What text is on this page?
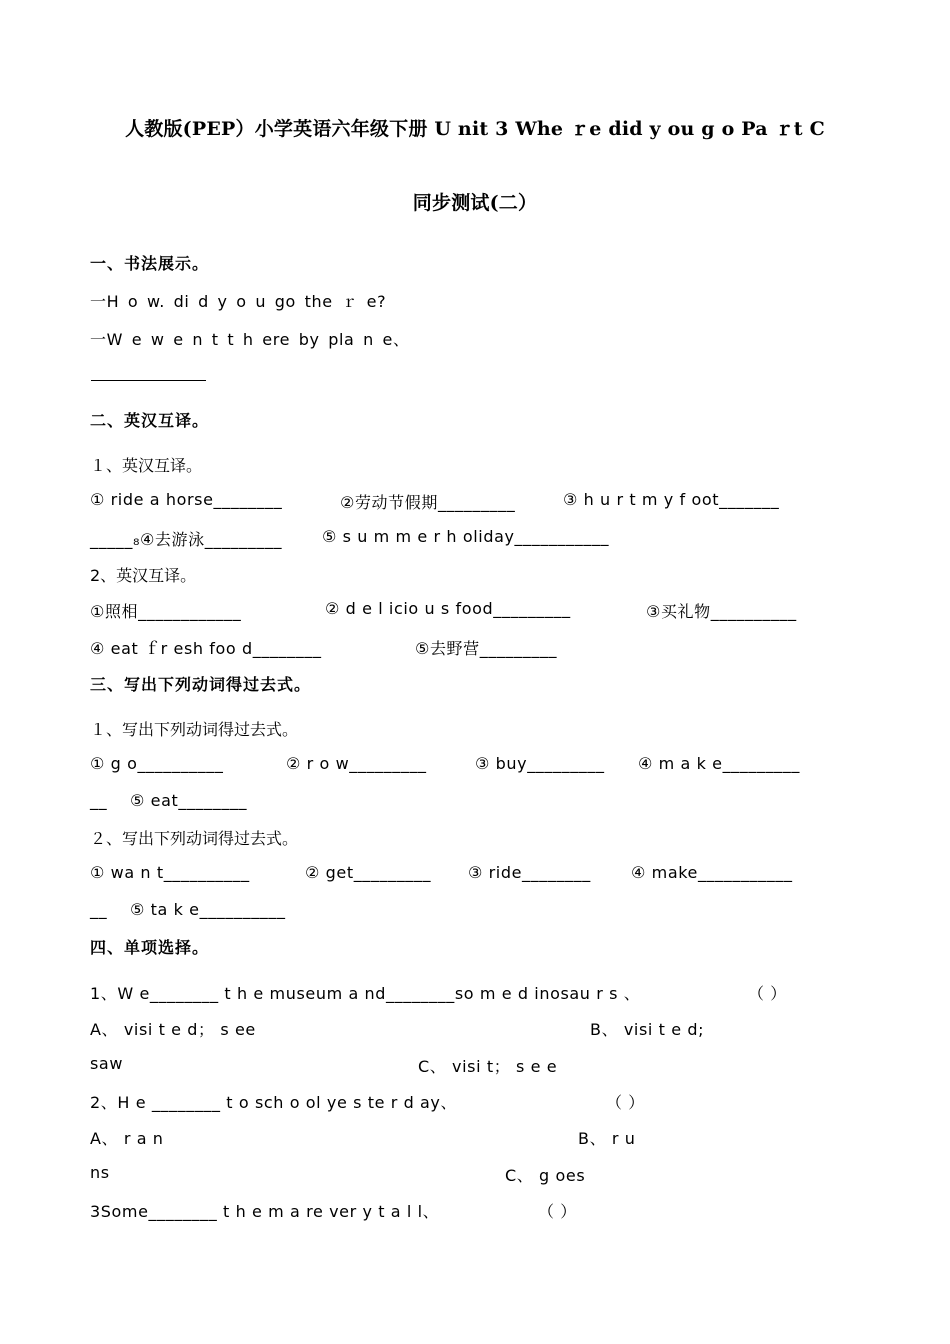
人教版(PEP）小学英语六年级下册 U nit 3 Whe ｒe did y ou g o Pa ｒt C
同步测试(二）
一、书法展示。
一H o w. di d y o u go the ｒ e?
一W e w e n t t h ere by pla n e、
二、英汉互译。
１、英汉互译。
① ride a horse________	②劳动节假期_________	③ h u r t m y f oot_______
_____₈④去游泳_________ ⑤ s u m m e r h oliday___________
2、英汉互译。
①照相____________	② d e l icio u s food_________	③买礼物__________
④ eat ｆr esh foo d________	⑤去野营_________
三、写出下列动词得过去式。
１、写出下列动词得过去式。
① g o__________	② r o w_________	③ buy_________ ④ m a k e_________
__ ⑤ eat________
２、写出下列动词得过去式。
① wa n t__________	② get_________ ③ ride________	④ make___________
__ ⑤ ta k e__________
四、单项选择。
1、W e________ t h e museum a nd________so m e d inosau r s 、	（ ）
A、 visi t e d； s ee	B、 visi t e d;
saw	C、 visi t； s e e
2、H e ________ t o sch o ol ye s te r d ay、	（ ）
A、 r a n	B、 r u
ns	C、 g oes
3Some________ t h e m a re ver y t a l l、	（ ）
